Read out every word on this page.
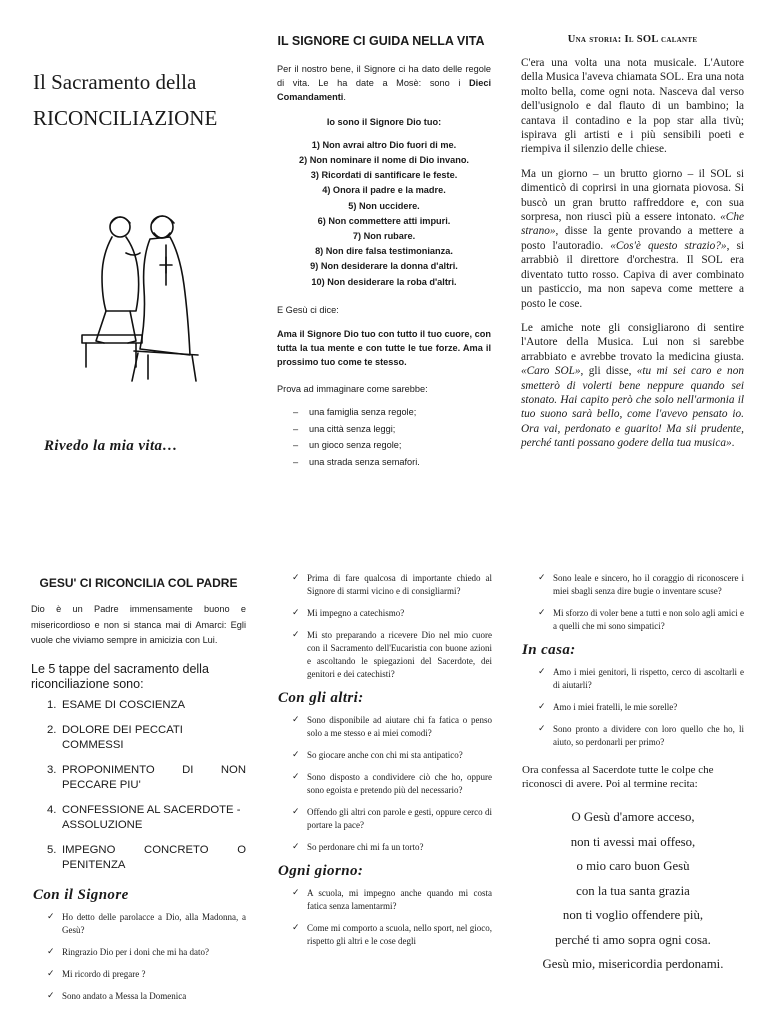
Il Sacramento della
RICONCILIAZIONE
Rivedo la mia vita…
IL SIGNORE CI GUIDA NELLA VITA
Per il nostro bene, il Signore ci ha dato delle regole di vita. Le ha date a Mosè: sono i Dieci Comandamenti.
Io sono il Signore Dio tuo:
1) Non avrai altro Dio fuori di me.
2) Non nominare il nome di Dio invano.
3) Ricordati di santificare le feste.
4) Onora il padre e la madre.
5) Non uccidere.
6) Non commettere atti impuri.
7) Non rubare.
8) Non dire falsa testimonianza.
9) Non desiderare la donna d'altri.
10) Non desiderare la roba d'altri.
E Gesù ci dice:
Ama il Signore Dio tuo con tutto il tuo cuore, con tutta la tua mente e con tutte le tue forze. Ama il prossimo tuo come te stesso.
Prova ad immaginare come sarebbe:
– una famiglia senza regole;
– una città senza leggi;
– un gioco senza regole;
– una strada senza semafori.
Una storia: Il SOL calante

C'era una volta una nota musicale. L'Autore della Musica l'aveva chiamata SOL. Era una nota molto bella, come ogni nota. Nasceva dal verso dell'usignolo e dal flauto di un bambino; la cantava il contadino e la pop star alla tivù; ispirava gli artisti e i più sensibili poeti e riempiva il silenzio delle chiese.

Ma un giorno – un brutto giorno – il SOL si dimenticò di coprirsi in una giornata piovosa. Si buscò un gran brutto raffreddore e, con sua sorpresa, non riuscì più a essere intonato. «Che strano», disse la gente provando a mettere a posto l'autoradio. «Cos'è questo strazio?», si arrabbiò il direttore d'orchestra. Il SOL era diventato tutto rosso. Capiva di aver combinato un pasticcio, ma non sapeva come mettere a posto le cose.

Le amiche note gli consigliarono di sentire l'Autore della Musica. Lui non si sarebbe arrabbiato e avrebbe trovato la medicina giusta. «Caro SOL», gli disse, «tu mi sei caro e non smetterò di volerti bene neppure quando sei stonato. Hai capito però che solo nell'armonia il tuo suono sarà bello, come l'avevo pensato io. Ora vai, perdonato e guarito! Ma sii prudente, perché tanti possano godere della tua musica».

GESU' CI RICONCILIA COL PADRE
Dio è un Padre immensamente buono e misericordioso e non si stanca mai di Amarci: Egli vuole che viviamo sempre in amicizia con Lui.
Le 5 tappe del sacramento della riconciliazione sono:
1. ESAME DI COSCIENZA
2. DOLORE DEI PECCATI COMMESSI
3. PROPONIMENTO DI NON PECCARE PIU'
4. CONFESSIONE AL SACERDOTE - ASSOLUZIONE
5. IMPEGNO CONCRETO O PENITENZA
Con il Signore
✓ Ho detto delle parolacce a Dio, alla Madonna, a Gesù?
✓ Ringrazio Dio per i doni che mi ha dato?
✓ Mi ricordo di pregare ?
✓ Sono andato a Messa la Domenica
✓ Prima di fare qualcosa di importante chiedo al Signore di starmi vicino e di consigliarmi?
✓ Mi impegno a catechismo?
✓ Mi sto preparando a ricevere Dio nel mio cuore con il Sacramento dell'Eucaristia con buone azioni e ascoltando le spiegazioni del Sacerdote, dei genitori e dei catechisti?
Con gli altri:
✓ Sono disponibile ad aiutare chi fa fatica o penso solo a me stesso e ai miei comodi?
✓ So giocare anche con chi mi sta antipatico?
✓ Sono disposto a condividere ciò che ho, oppure sono egoista e pretendo più del necessario?
✓ Offendo gli altri con parole e gesti, oppure cerco di portare la pace?
✓ So perdonare chi mi fa un torto?
Ogni giorno:
✓ A scuola, mi impegno anche quando mi costa fatica senza lamentarmi?
✓ Come mi comporto a scuola, nello sport, nel gioco, rispetto gli altri e le cose degli
✓ Sono leale e sincero, ho il coraggio di riconoscere i miei sbagli senza dire bugie o inventare scuse?
✓ Mi sforzo di voler bene a tutti e non solo agli amici e a quelli che mi sono simpatici?
In casa:
✓ Amo i miei genitori, li rispetto, cerco di ascoltarli e di aiutarli?
✓ Amo i miei fratelli, le mie sorelle?
✓ Sono pronto a dividere con loro quello che ho, li aiuto, so perdonarli per primo?
Ora confessa al Sacerdote tutte le colpe che riconosci di avere. Poi al termine recita:
O Gesù d'amore acceso,
non ti avessi mai offeso,
o mio caro buon Gesù
con la tua santa grazia
non ti voglio offendere più,
perché ti amo sopra ogni cosa.
Gesù mio, misericordia perdonami.
